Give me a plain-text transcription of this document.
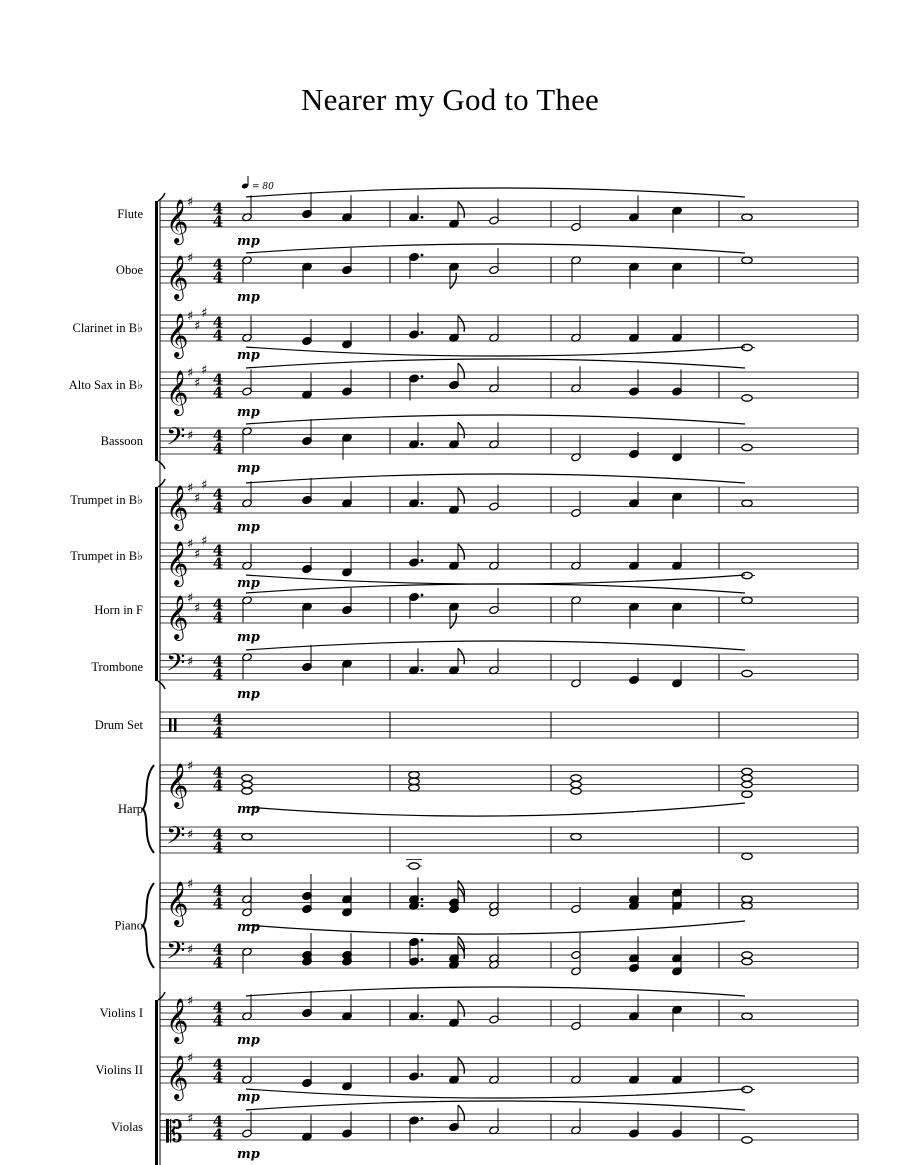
Nearer my God to Thee
= 80
Flute 𝄞
♯ 4
4
mp
Oboe 𝄞
♯ 4
4
mp
Clarinet in B♭ 𝄞
♯
♯
♯
4
4
mp
Alto Sax in B♭ 𝄞
♯
♯
♯
4
4
mp
Bassoon 𝄢 ♯ 4
4
mp
Trumpet in B♭ 𝄞
♯
♯
♯
4
4
mp
Trumpet in B♭ 𝄞
♯
♯
♯
4
4
mp
Horn in F 𝄞
♯
♯ 4
4
mp
Trombone 𝄢 ♯ 4
4
mp
Drum Set	4
4
Harp
𝄞
♯ 4
4
mp
𝄢 ♯ 4
4
Piano
𝄞
♯ 4
4
mp
𝄢 ♯ 4
4
Violins I 𝄞
♯ 4
4
mp
Violins II 𝄞
♯ 4
4
mp
Violas 𝄡 ♯ 4
4
mp
